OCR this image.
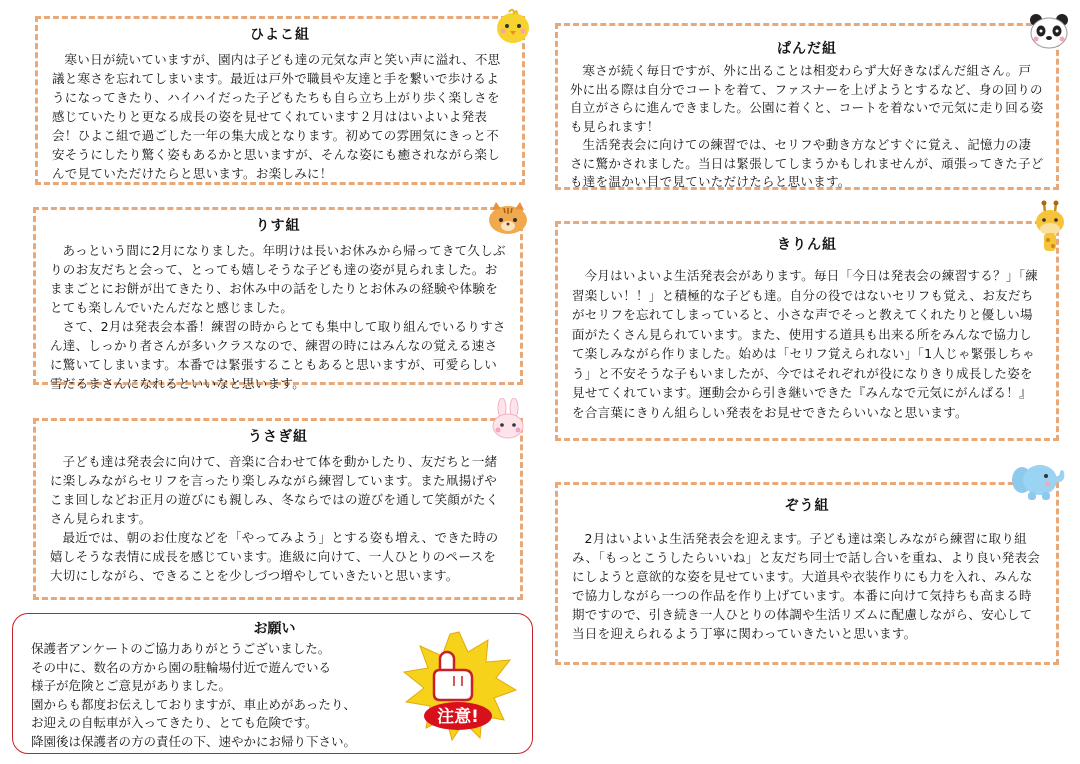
ひよこ組

寒い日が続いていますが、園内は子ども達の元気な声と笑い声に溢れ、不思議と寒さを忘れてしまいます。最近は戸外で職員や友達と手を繋いで歩けるようになってきたり、ハイハイだった子どもたちも自ら立ち上がり歩く楽しさを感じていたりと更なる成長の姿を見せてくれています２月ははいよいよ発表会！ひよこ組で過ごした一年の集大成となります。初めての雰囲気にきっと不安そうにしたり驚く姿もあるかと思いますが、そんな姿にも癒されながら楽しんで見ていただけたらと思います。お楽しみに！

りす組

あっという間に2月になりました。年明けは長いお休みから帰ってきて久しぶりのお友だちと会って、とっても嬉しそうな子ども達の姿が見られました。おままごとにお餅が出てきたり、お休み中の話をしたりとお休みの経験や体験をとても楽しんでいたんだなと感じました。

さて、2月は発表会本番！練習の時からとても集中して取り組んでいるりすさん達、しっかり者さんが多いクラスなので、練習の時にはみんなの覚える速さに驚いてしまいます。本番では緊張することもあると思いますが、可愛らしい雪だるまさんになれるといいなと思います。

うさぎ組

子ども達は発表会に向けて、音楽に合わせて体を動かしたり、友だちと一緒に楽しみながらセリフを言ったり楽しみながら練習しています。また凧揚げやこま回しなどお正月の遊びにも親しみ、冬ならではの遊びを通して笑顔がたくさん見られます。

最近では、朝のお仕度などを「やってみよう」とする姿も増え、できた時の嬉しそうな表情に成長を感じています。進級に向けて、一人ひとりのペースを大切にしながら、できることを少しづつ増やしていきたいと思います。

ぱんだ組

寒さが続く毎日ですが、外に出ることは相変わらず大好きなぱんだ組さん。戸外に出る際は自分でコートを着て、ファスナーを上げようとするなど、身の回りの自立がさらに進んできました。公園に着くと、コートを着ないで元気に走り回る姿も見られます！

生活発表会に向けての練習では、セリフや動き方などすぐに覚え、記憶力の凄さに驚かされました。当日は緊張してしまうかもしれませんが、頑張ってきた子ども達を温かい目で見ていただけたらと思います。

きりん組

今月はいよいよ生活発表会があります。毎日「今日は発表会の練習する？」「練習楽しい！！」と積極的な子ども達。自分の役ではないセリフも覚え、お友だちがセリフを忘れてしまっていると、小さな声でそっと教えてくれたりと優しい場面がたくさん見られています。また、使用する道具も出来る所をみんなで協力して楽しみながら作りました。始めは「セリフ覚えられない」「1人じゃ緊張しちゃう」と不安そうな子もいましたが、今ではそれぞれが役になりきり成長した姿を見せてくれています。運動会から引き継いできた『みんなで元気にがんばる！』を合言葉にきりん組らしい発表をお見せできたらいいなと思います。

ぞう組

2月はいよいよ生活発表会を迎えます。子ども達は楽しみながら練習に取り組み、「もっとこうしたらいいね」と友だち同士で話し合いを重ね、より良い発表会にしようと意欲的な姿を見せています。大道具や衣装作りにも力を入れ、みんなで協力しながら一つの作品を作り上げています。本番に向けて気持ちも高まる時期ですので、引き続き一人ひとりの体調や生活リズムに配慮しながら、安心して当日を迎えられるよう丁寧に関わっていきたいと思います。

お願い
保護者アンケートのご協力ありがとうございました。
その中に、数名の方から園の駐輪場付近で遊んでいる
様子が危険とご意見がありました。
園からも都度お伝えしておりますが、車止めがあったり、
お迎えの自転車が入ってきたり、とても危険です。
降園後は保護者の方の責任の下、速やかにお帰り下さい。
注意!
